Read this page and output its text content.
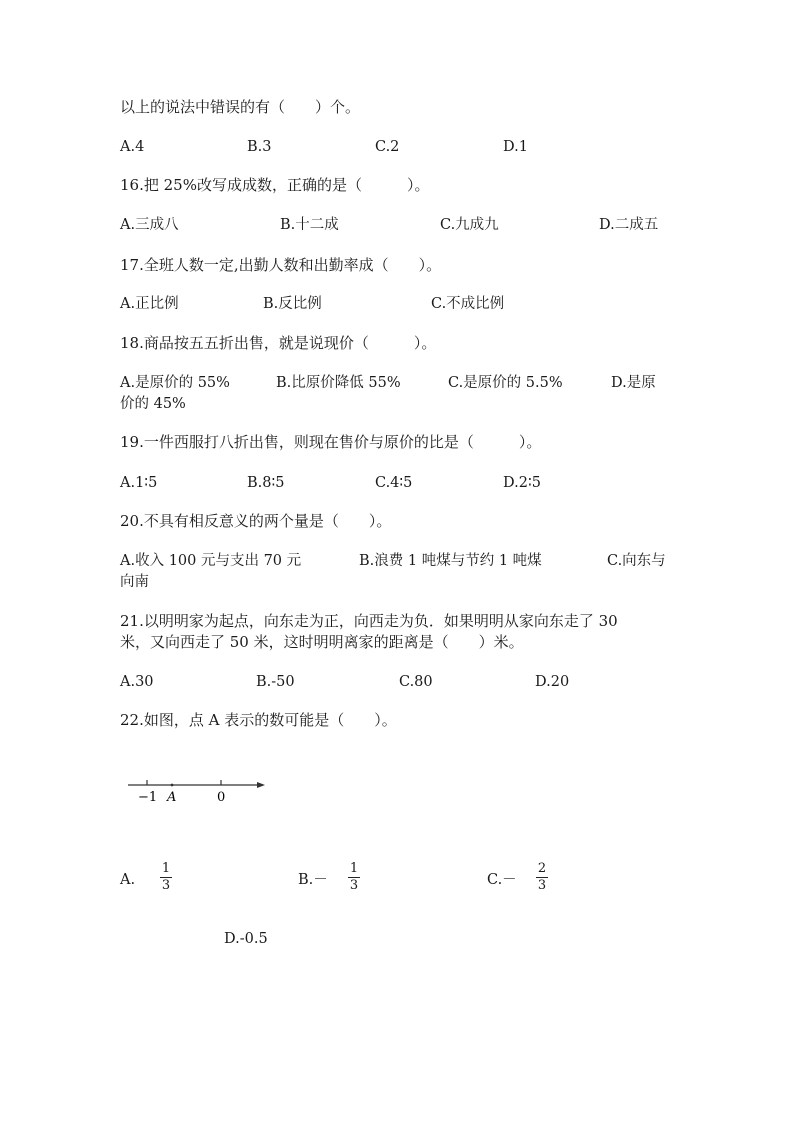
以上的说法中错误的有（　　）个。
A.4	B.3	C.2	D.1
16.把 25%改写成成数，正确的是（　　　）。
A.三成八	B.十二成	C.九成九	D.二成五
17.全班人数一定,出勤人数和出勤率成（　　）。
A.正比例	B.反比例	C.不成比例
18.商品按五五折出售，就是说现价（　　　）。
A.是原价的 55%	B.比原价降低 55%	C.是原价的 5.5%	D.是原
价的 45%
19.一件西服打八折出售，则现在售价与原价的比是（　　　）。
A.1∶5	B.8∶5	C.4∶5	D.2∶5
20.不具有相反意义的两个量是（　　）。
A.收入 100 元与支出 70 元	B.浪费 1 吨煤与节约 1 吨煤	C.向东与
向南
21.以明明家为起点，向东走为正，向西走为负．如果明明从家向东走了 30
米，又向西走了 50 米，这时明明离家的距离是（　　）米。
A.30	B.-50	C.80	D.20
22.如图，点 A 表示的数可能是（　　）。
−1 A	0
A.
1
3	B.－
1
3	C.－
2
3
D.-0.5
